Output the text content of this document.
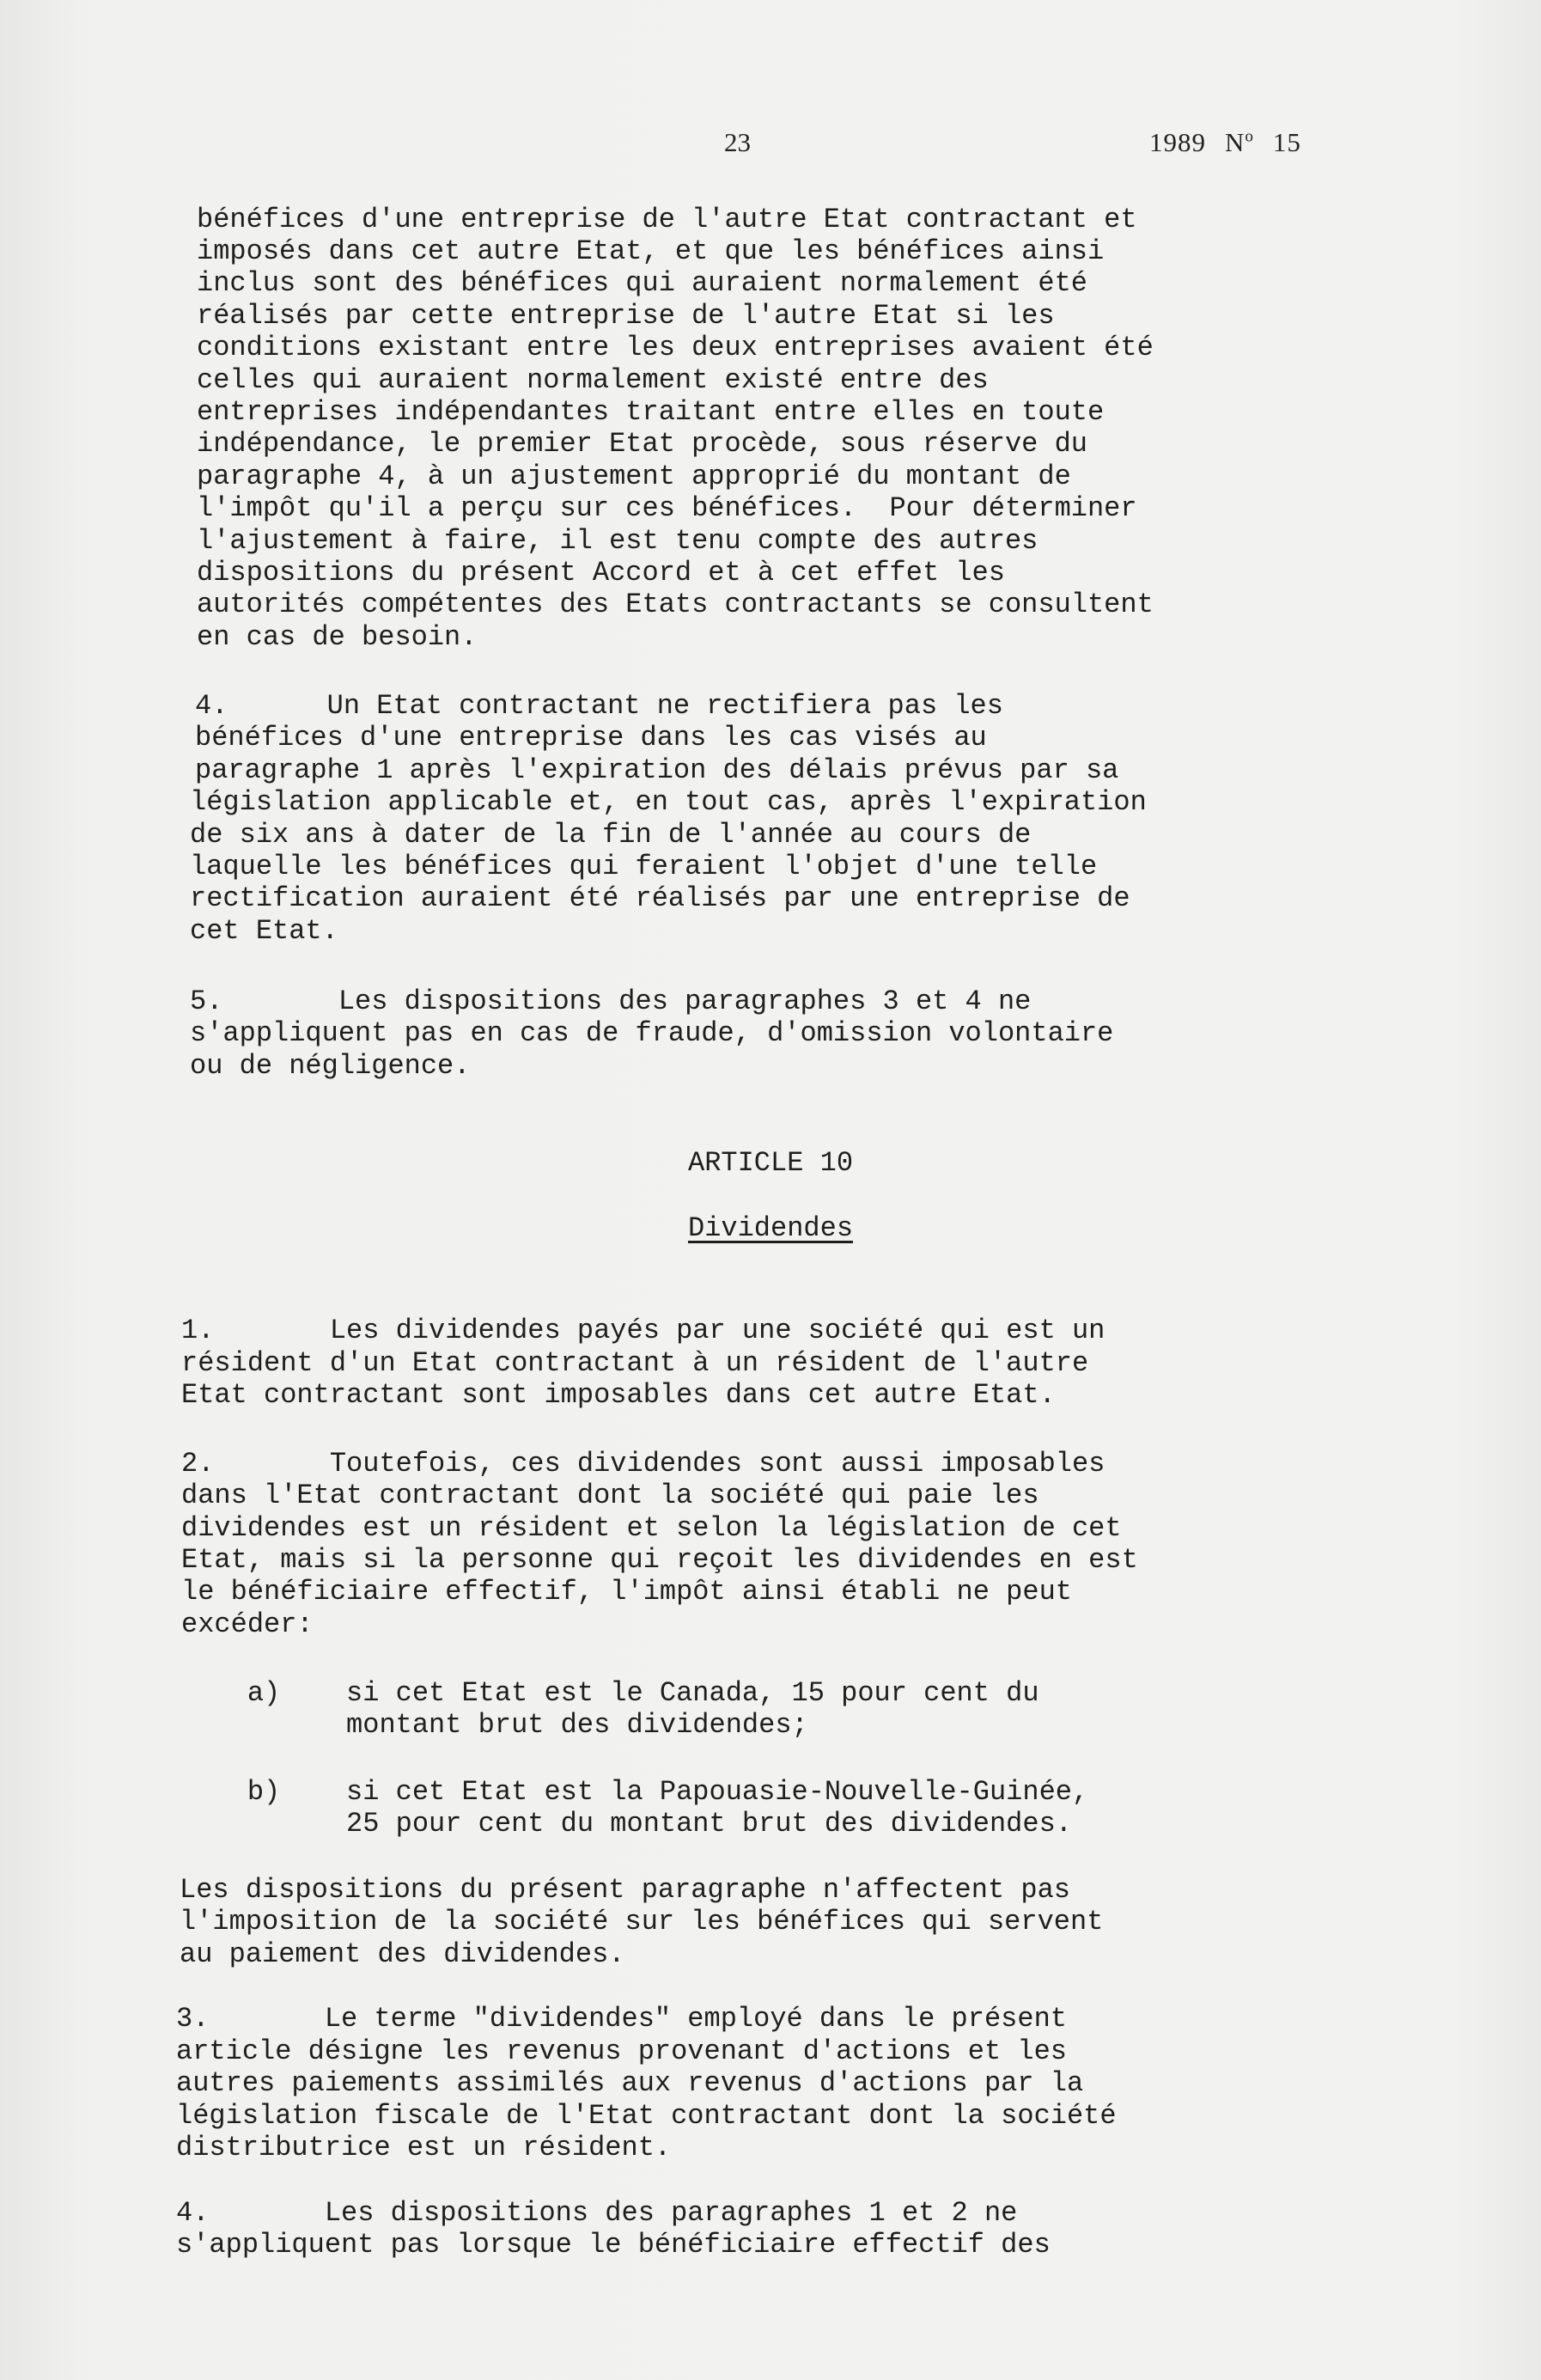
23	1989 $N^o$ 15

bénéfices d'une entreprise de l'autre Etat contractant et

imposés dans cet autre Etat, et que les bénéfices ainsi

inclus sont des bénéfices qui auraient normalement été

réalisés par cette entreprise de l'autre Etat si les

conditions existant entre les deux entreprises avaient été

celles qui auraient normalement existé entre des

entreprises indépendantes traitant entre elles en toute

indépendance, le premier Etat procède, sous réserve du

paragraphe 4, à un ajustement approprié du montant de

l'impôt qu'il a perçu sur ces bénéfices.  Pour déterminer

l'ajustement à faire, il est tenu compte des autres

dispositions du présent Accord et à cet effet les

autorités compétentes des Etats contractants se consultent

en cas de besoin.

4.      Un Etat contractant ne rectifiera pas les

bénéfices d'une entreprise dans les cas visés au

paragraphe 1 après l'expiration des délais prévus par sa

législation applicable et, en tout cas, après l'expiration

de six ans à dater de la fin de l'année au cours de

laquelle les bénéfices qui feraient l'objet d'une telle

rectification auraient été réalisés par une entreprise de

cet Etat.

5.       Les dispositions des paragraphes 3 et 4 ne

s'appliquent pas en cas de fraude, d'omission volontaire

ou de négligence.

ARTICLE 10

Dividendes

1.       Les dividendes payés par une société qui est un

résident d'un Etat contractant à un résident de l'autre

Etat contractant sont imposables dans cet autre Etat.

2.       Toutefois, ces dividendes sont aussi imposables

dans l'Etat contractant dont la société qui paie les

dividendes est un résident et selon la législation de cet

Etat, mais si la personne qui reçoit les dividendes en est

le bénéficiaire effectif, l'impôt ainsi établi ne peut

excéder:

a)    si cet Etat est le Canada, 15 pour cent du

montant brut des dividendes;

b)    si cet Etat est la Papouasie-Nouvelle-Guinée,

25 pour cent du montant brut des dividendes.

Les dispositions du présent paragraphe n'affectent pas

l'imposition de la société sur les bénéfices qui servent

au paiement des dividendes.

3.       Le terme "dividendes" employé dans le présent

article désigne les revenus provenant d'actions et les

autres paiements assimilés aux revenus d'actions par la

législation fiscale de l'Etat contractant dont la société

distributrice est un résident.

4.       Les dispositions des paragraphes 1 et 2 ne

s'appliquent pas lorsque le bénéficiaire effectif des
